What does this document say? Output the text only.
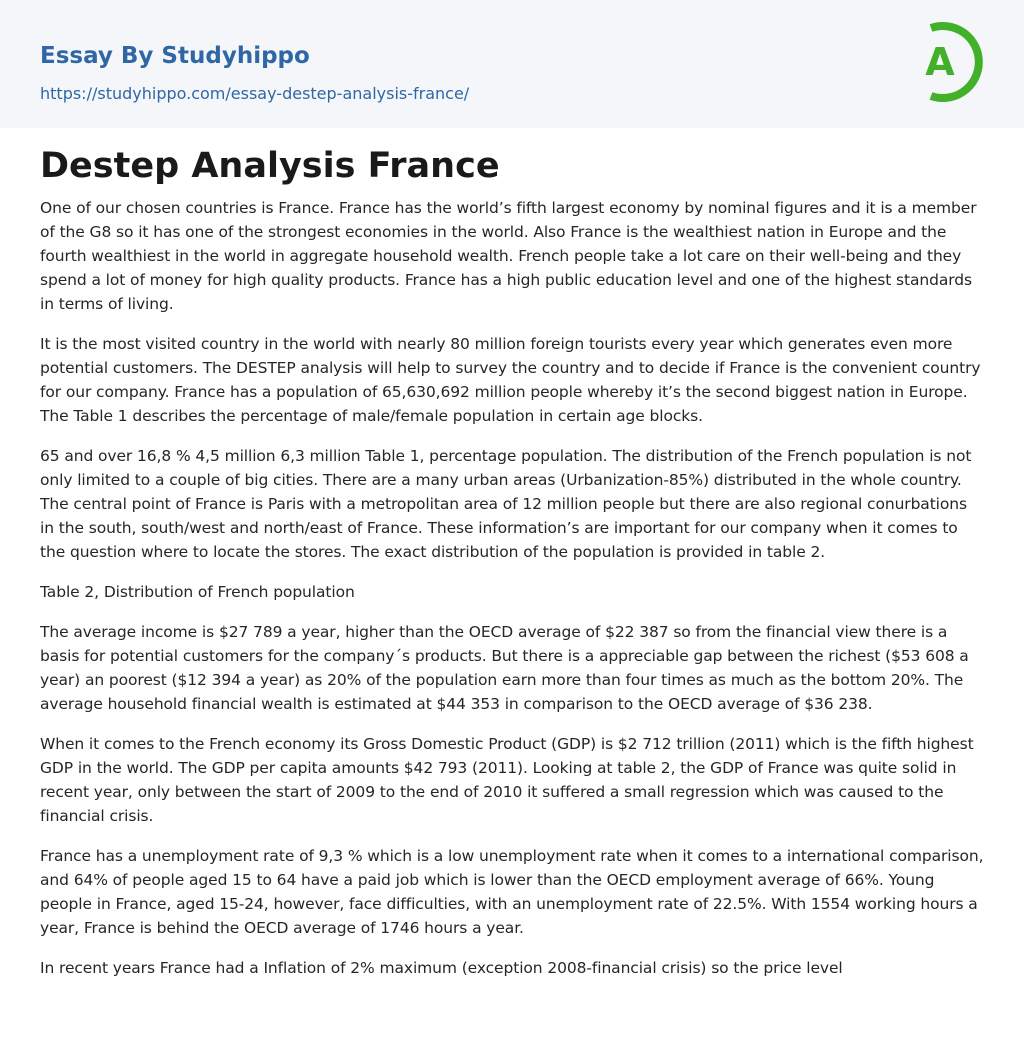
Essay By Studyhippo
https://studyhippo.com/essay-destep-analysis-france/
A
Destep Analysis France

One of our chosen countries is France. France has the world’s fifth largest economy by nominal figures and it is a member of the G8 so it has one of the strongest economies in the world. Also France is the wealthiest nation in Europe and the fourth wealthiest in the world in aggregate household wealth. French people take a lot care on their well-being and they spend a lot of money for high quality products. France has a high public education level and one of the highest standards in terms of living.

It is the most visited country in the world with nearly 80 million foreign tourists every year which generates even more potential customers. The DESTEP analysis will help to survey the country and to decide if France is the convenient country for our company. France has a population of 65,630,692 million people whereby it’s the second biggest nation in Europe. The Table 1 describes the percentage of male/female population in certain age blocks.

65 and over 16,8 % 4,5 million 6,3 million Table 1, percentage population. The distribution of the French population is not only limited to a couple of big cities. There are a many urban areas (Urbanization-85%) distributed in the whole country. The central point of France is Paris with a metropolitan area of 12 million people but there are also regional conurbations in the south, south/west and north/east of France. These information’s are important for our company when it comes to the question where to locate the stores. The exact distribution of the population is provided in table 2.

Table 2, Distribution of French population

The average income is $27 789 a year, higher than the OECD average of $22 387 so from the financial view there is a basis for potential customers for the company´s products. But there is a appreciable gap between the richest ($53 608 a year) an poorest ($12 394 a year) as 20% of the population earn more than four times as much as the bottom 20%. The average household financial wealth is estimated at $44 353 in comparison to the OECD average of $36 238.

When it comes to the French economy its Gross Domestic Product (GDP) is $2 712 trillion (2011) which is the fifth highest GDP in the world. The GDP per capita amounts $42 793 (2011). Looking at table 2, the GDP of France was quite solid in recent year, only between the start of 2009 to the end of 2010 it suffered a small regression which was caused to the financial crisis.

France has a unemployment rate of 9,3 % which is a low unemployment rate when it comes to a international comparison, and 64% of people aged 15 to 64 have a paid job which is lower than the OECD employment average of 66%. Young people in France, aged 15-24, however, face difficulties, with an unemployment rate of 22.5%. With 1554 working hours a year, France is behind the OECD average of 1746 hours a year.

In recent years France had a Inflation of 2% maximum (exception 2008-financial crisis) so the price level
